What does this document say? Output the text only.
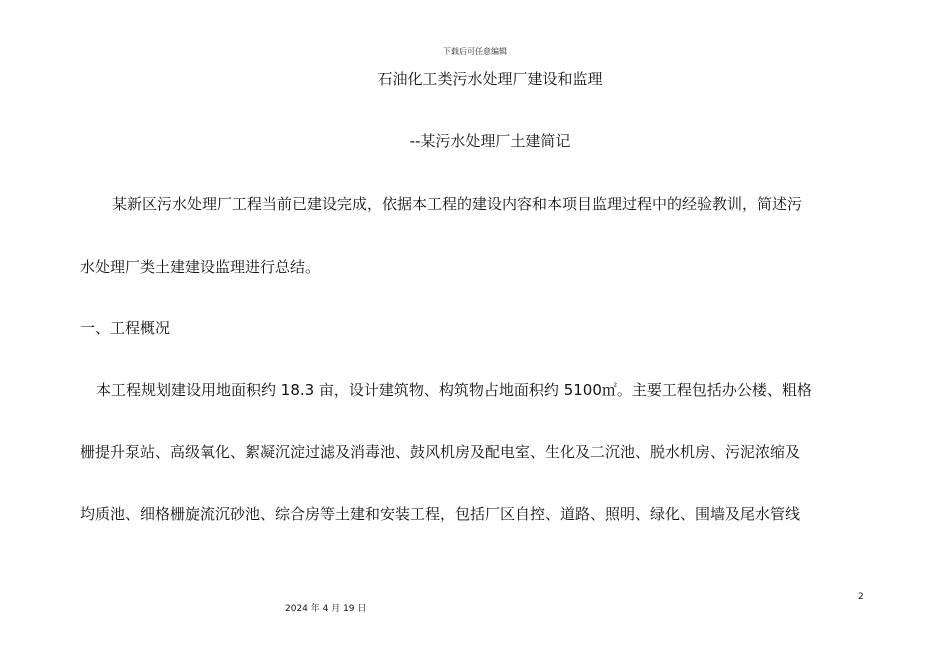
下载后可任意编辑
石油化工类污水处理厂建设和监理
--某污水处理厂土建简记
某新区污水处理厂工程当前已建设完成，依据本工程的建设内容和本项目监理过程中的经验教训，简述污
水处理厂类土建建设监理进行总结。
一、工程概况
本工程规划建设用地面积约 18.3 亩，设计建筑物、构筑物占地面积约 5100㎡。主要工程包括办公楼、粗格
栅提升泵站、高级氧化、絮凝沉淀过滤及消毒池、鼓风机房及配电室、生化及二沉池、脱水机房、污泥浓缩及
均质池、细格栅旋流沉砂池、综合房等土建和安装工程，包括厂区自控、道路、照明、绿化、围墙及尾水管线
2
2024 年 4 月 19 日
